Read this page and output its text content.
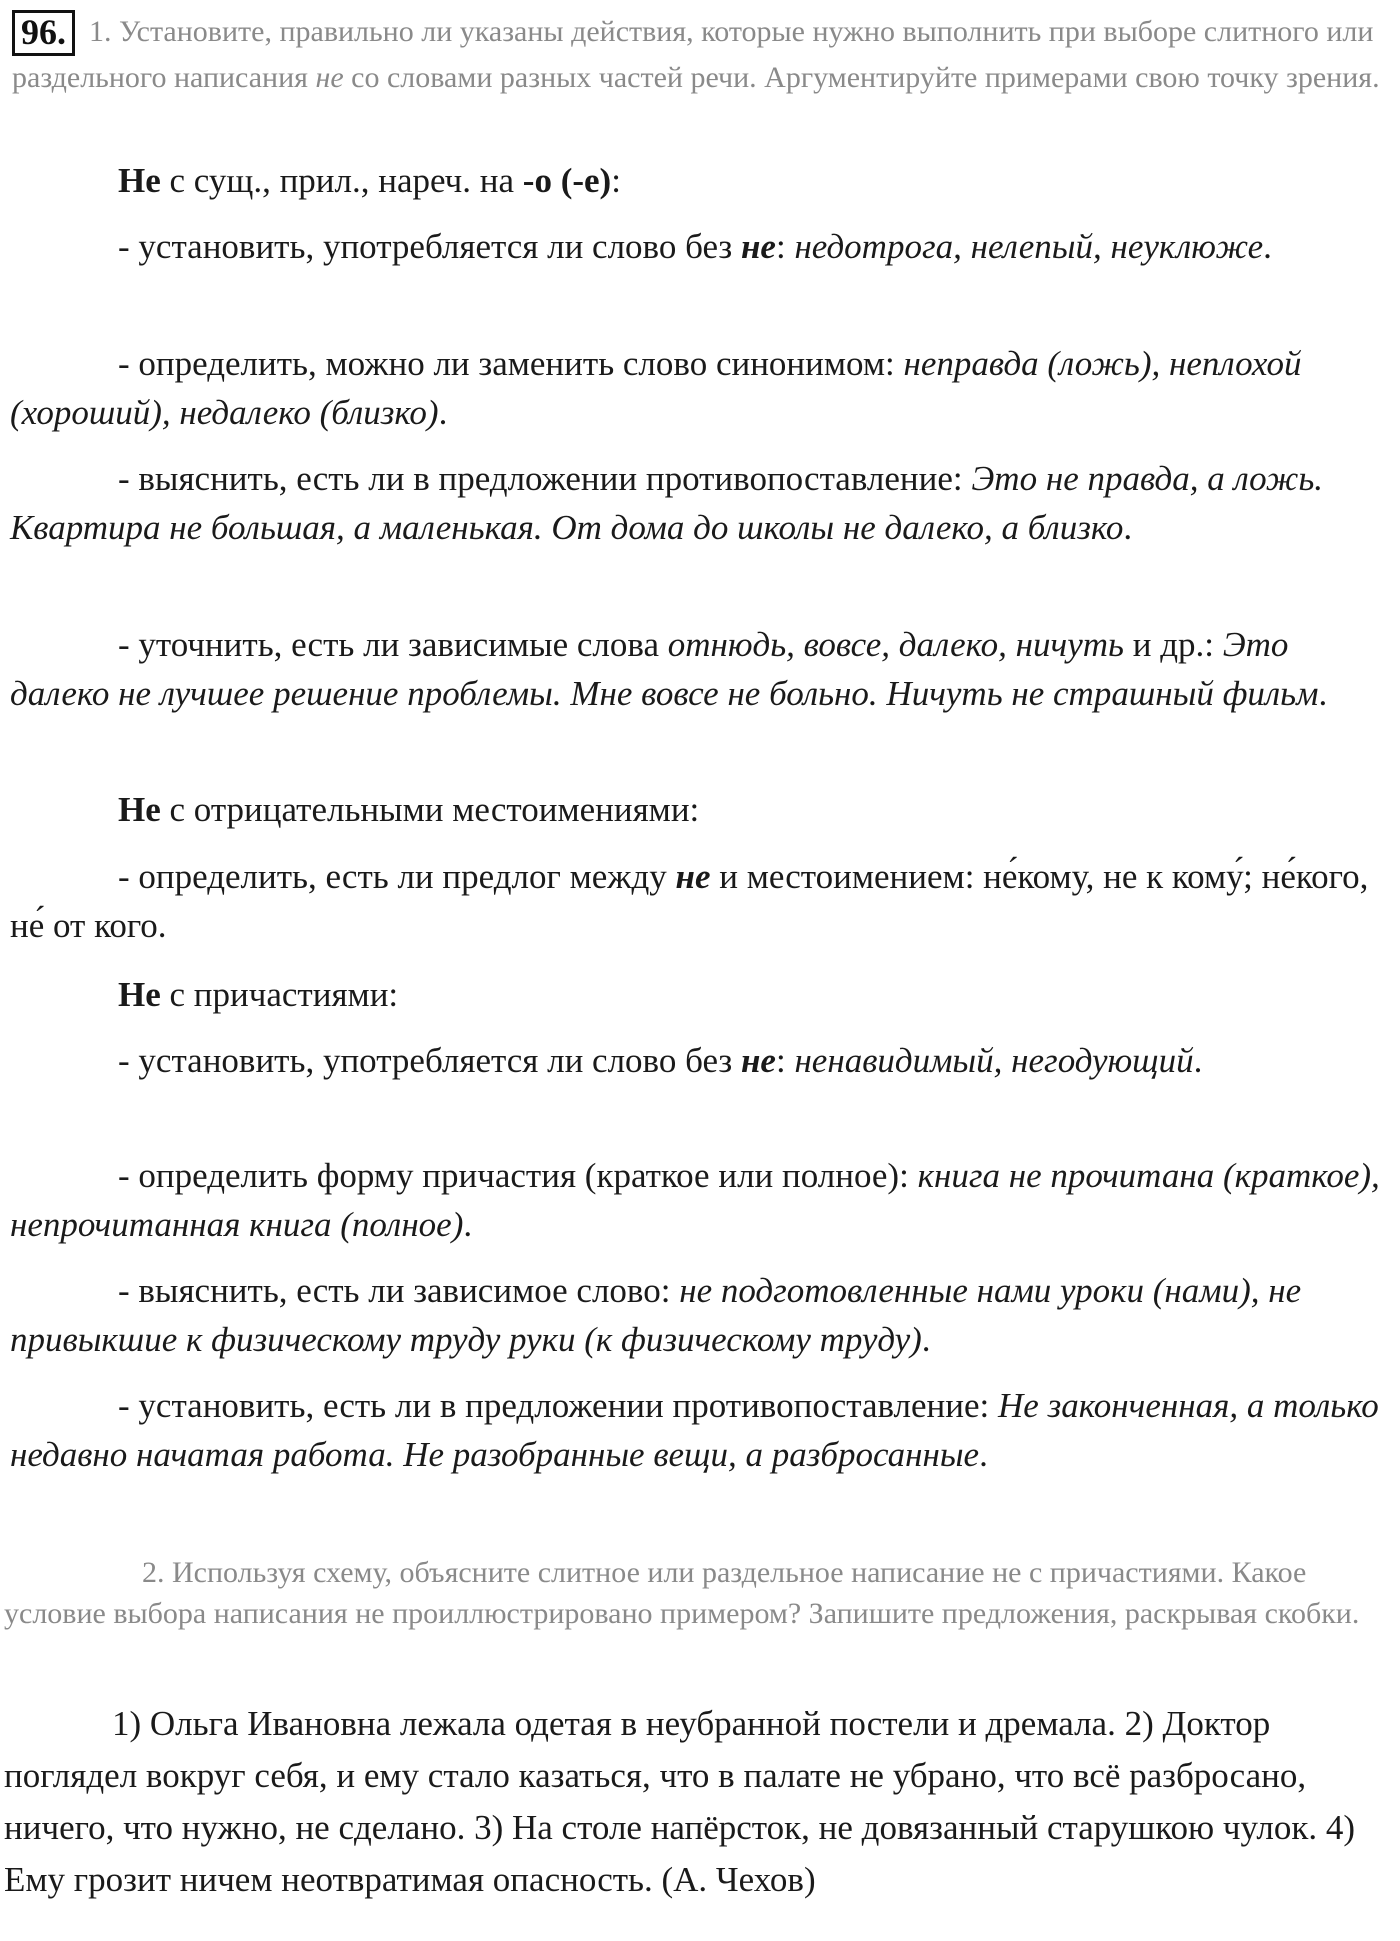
96. 1. Установите, правильно ли указаны действия, которые нужно выполнить при выборе слитного или раздельного написания не со словами разных частей речи. Аргументируйте примерами свою точку зрения.
Не с сущ., прил., нареч. на -о (-е):
- установить, употребляется ли слово без не: недотрога, нелепый, неуклюже.
- определить, можно ли заменить слово синонимом: неправда (ложь), неплохой (хороший), недалеко (близко).
- выяснить, есть ли в предложении противопоставление: Это не правда, а ложь. Квартира не большая, а маленькая. От дома до школы не далеко, а близко.
- уточнить, есть ли зависимые слова отнюдь, вовсе, далеко, ничуть и др.: Это далеко не лучшее решение проблемы. Мне вовсе не больно. Ничуть не страшный фильм.
Не с отрицательными местоимениями:
- определить, есть ли предлог между не и местоимением: не́кому, не к кому́; не́кого, не́ от кого.
Не с причастиями:
- установить, употребляется ли слово без не: ненавидимый, негодующий.
- определить форму причастия (краткое или полное): книга не прочитана (краткое), непрочитанная книга (полное).
- выяснить, есть ли зависимое слово: не подготовленные нами уроки (нами), не привыкшие к физическому труду руки (к физическому труду).
- установить, есть ли в предложении противопоставление: Не законченная, а только недавно начатая работа. Не разобранные вещи, а разбросанные.
2. Используя схему, объясните слитное или раздельное написание не с причастиями. Какое условие выбора написания не проиллюстрировано примером? Запишите предложения, раскрывая скобки.
1) Ольга Ивановна лежала одетая в неубранной постели и дремала. 2) Доктор поглядел вокруг себя, и ему стало казаться, что в палате не убрано, что всё разбросано, ничего, что нужно, не сделано. 3) На столе напёрсток, не довязанный старушкою чулок. 4) Ему грозит ничем неотвратимая опасность. (А. Чехов)
